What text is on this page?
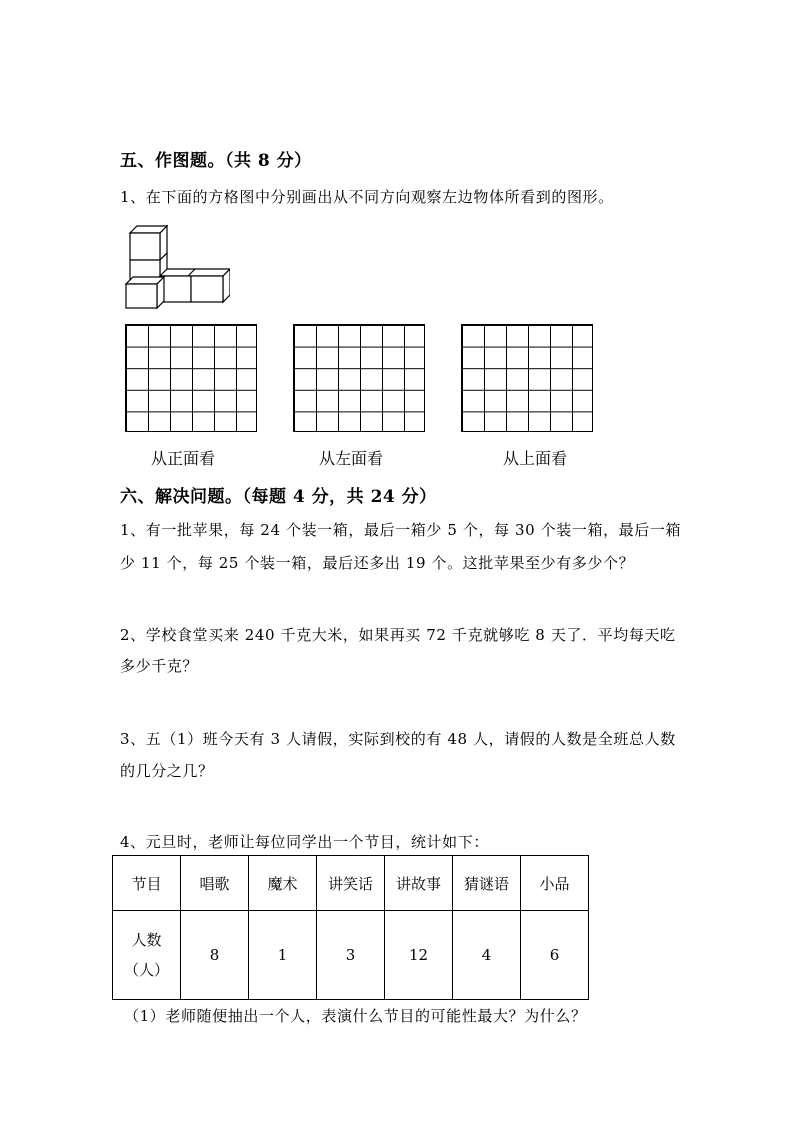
五、作图题。（共 8 分）
1、在下面的方格图中分别画出从不同方向观察左边物体所看到的图形。
从正面看	从左面看	从上面看
六、解决问题。（每题 4 分，共 24 分）
1、有一批苹果，每 24 个装一箱，最后一箱少 5 个，每 30 个装一箱，最后一箱
少 11 个，每 25 个装一箱，最后还多出 19 个。这批苹果至少有多少个？
2、学校食堂买来 240 千克大米，如果再买 72 千克就够吃 8 天了．平均每天吃
多少千克？
3、五（1）班今天有 3 人请假，实际到校的有 48 人，请假的人数是全班总人数
的几分之几？
4、元旦时，老师让每位同学出一个节目，统计如下：
节目	唱歌	魔术	讲笑话	讲故事	猜谜语	小品

人数
（人）	8	1	3	12	4	6
（1）老师随便抽出一个人，表演什么节目的可能性最大？为什么？
